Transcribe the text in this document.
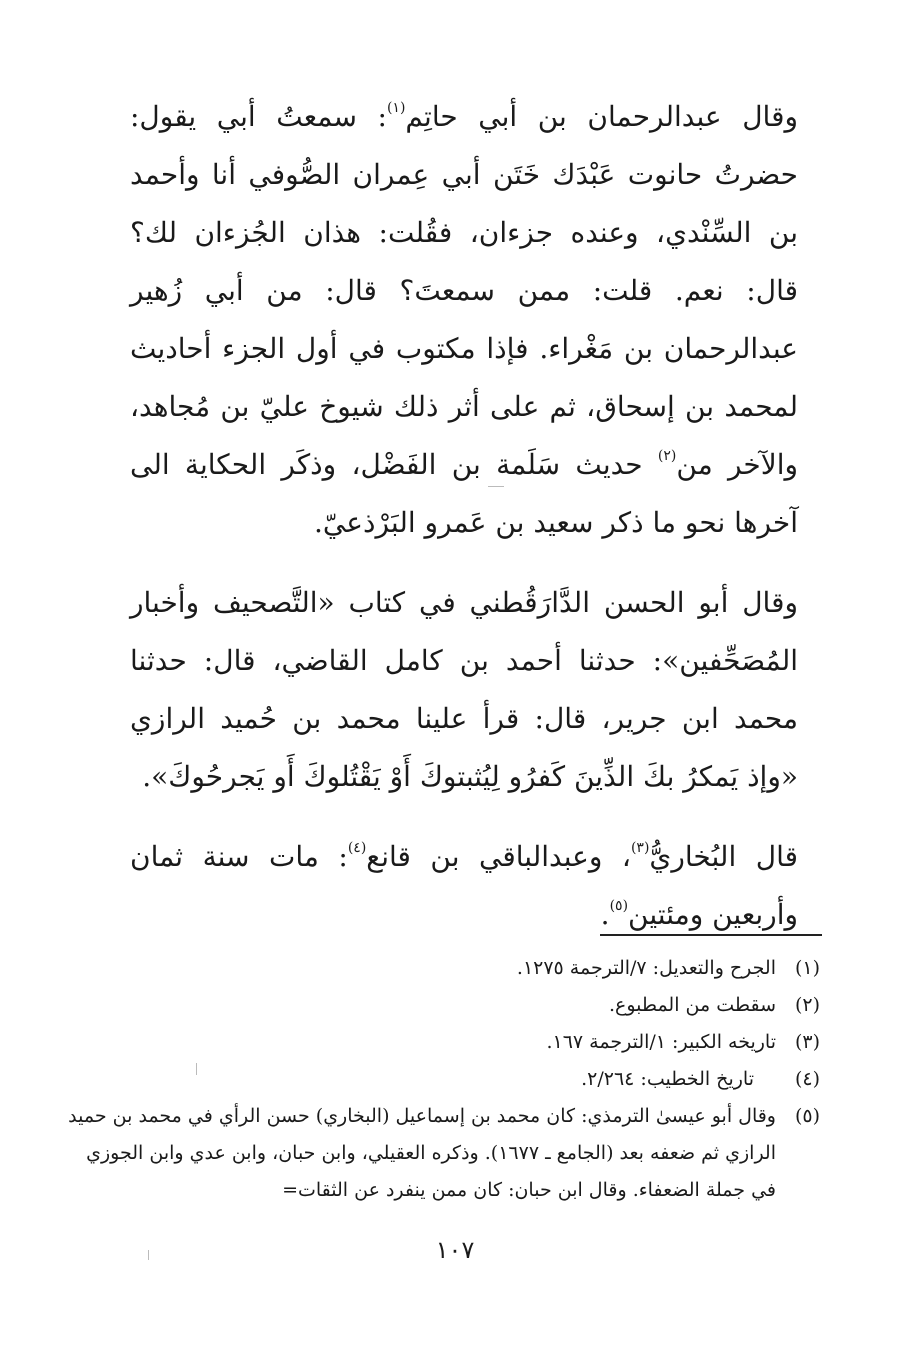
وقال عبدالرحمان بن أبي حاتِم$^{(١)}$: سمعتُ أبي يقول: حضرتُ حانوت عَبْدَك خَتَن أبي عِمران الصُّوفي أنا وأحمد بن السِّنْدي، وعنده جزءان، فقُلت: هذان الجُزءان لك؟ قال: نعم. قلت: ممن سمعتَ؟ قال: من أبي زُهير عبدالرحمان بن مَغْراء. فإذا مكتوب في أول الجزء أحاديث لمحمد بن إسحاق، ثم على أثر ذلك شيوخ عليّ بن مُجاهد، والآخر من$^{(٢)}$ حديث سَلَمة بن الفَضْل، وذكَر الحكاية الى آخرها نحو ما ذكر سعيد بن عَمرو البَرْذعيّ.

وقال أبو الحسن الدَّارَقُطني في كتاب «التَّصحيف وأخبار المُصَحِّفين»: حدثنا أحمد بن كامل القاضي، قال: حدثنا محمد ابن جرير، قال: قرأ علينا محمد بن حُميد الرازي «وإذ يَمكرُ بكَ الذِّينَ كَفرُو لِيُثبتوكَ أَوْ يَقْتُلوكَ أَو يَجرحُوكَ».

قال البُخاريُّ$^{(٣)}$، وعبدالباقي بن قانع$^{(٤)}$: مات سنة ثمان وأربعين ومئتين$^{(٥)}$.

(١)
الجرح والتعديل: ٧/الترجمة ١٢٧٥.
(٢)
سقطت من المطبوع.
(٣)
تاريخه الكبير: ١/الترجمة ١٦٧.
(٤)
تاريخ الخطيب: ٢/٢٦٤.
(٥)
وقال أبو عيسىٰ الترمذي: كان محمد بن إسماعيل (البخاري) حسن الرأي في محمد بن حميد الرازي ثم ضعفه بعد (الجامع ـ ١٦٧٧). وذكره العقيلي، وابن حبان، وابن عدي وابن الجوزي في جملة الضعفاء. وقال ابن حبان: كان ممن ينفرد عن الثقات=
١٠٧
